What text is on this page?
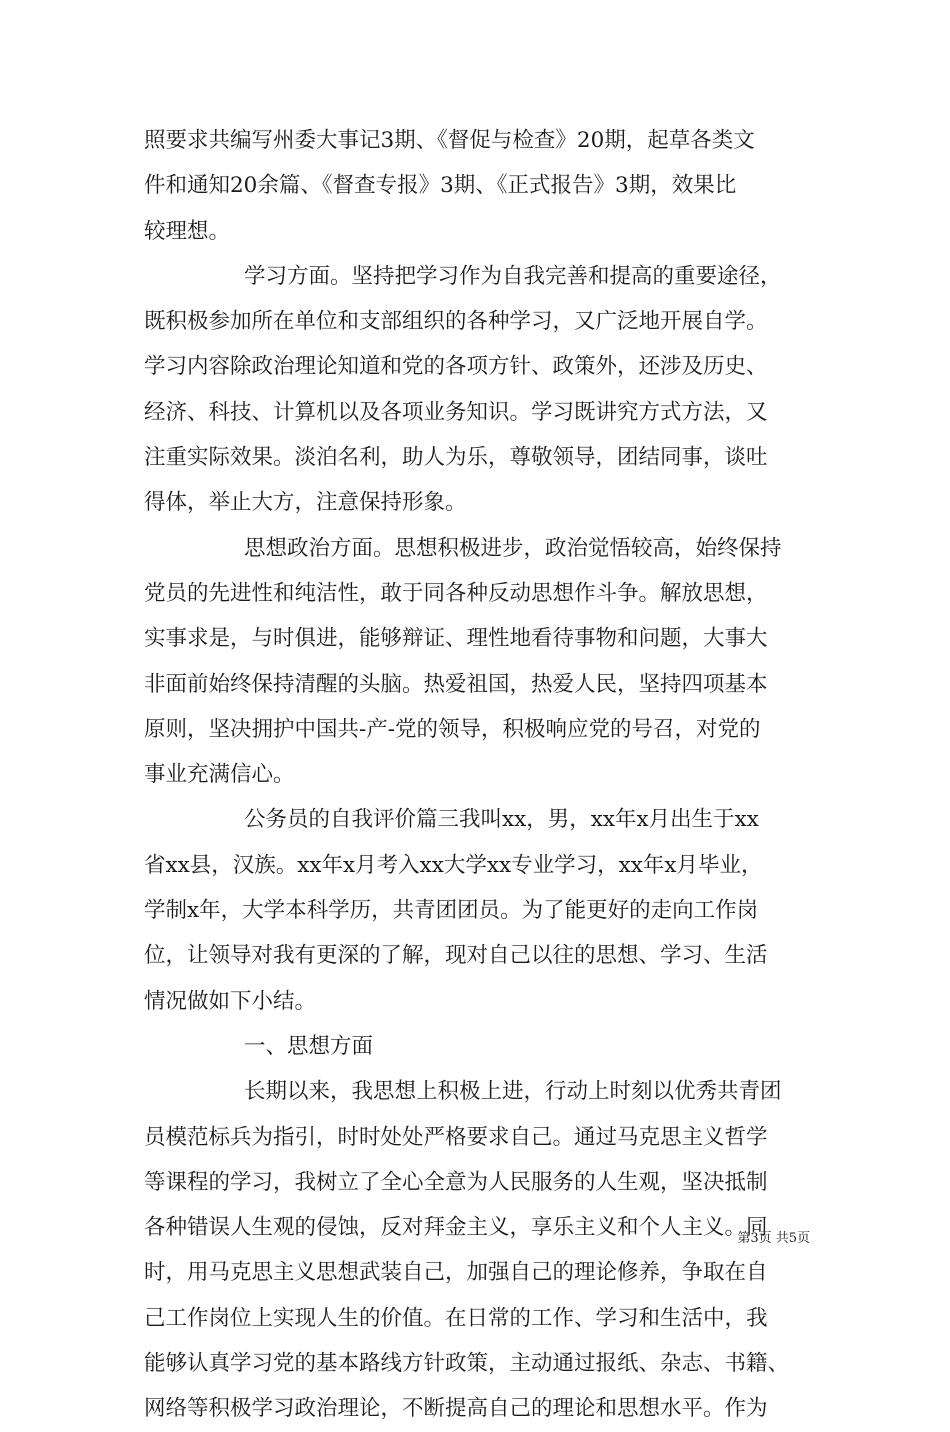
照要求共编写州委大事记3期、《督促与检查》20期，起草各类文
件和通知20余篇、《督查专报》3期、《正式报告》3期，效果比
较理想。
学习方面。坚持把学习作为自我完善和提高的重要途径，
既积极参加所在单位和支部组织的各种学习，又广泛地开展自学。
学习内容除政治理论知道和党的各项方针、政策外，还涉及历史、
经济、科技、计算机以及各项业务知识。学习既讲究方式方法，又
注重实际效果。淡泊名利，助人为乐，尊敬领导，团结同事，谈吐
得体，举止大方，注意保持形象。
思想政治方面。思想积极进步，政治觉悟较高，始终保持
党员的先进性和纯洁性，敢于同各种反动思想作斗争。解放思想，
实事求是，与时俱进，能够辩证、理性地看待事物和问题，大事大
非面前始终保持清醒的头脑。热爱祖国，热爱人民，坚持四项基本
原则，坚决拥护中国共-产-党的领导，积极响应党的号召，对党的
事业充满信心。
公务员的自我评价篇三我叫xx，男，xx年x月出生于xx
省xx县，汉族。xx年x月考入xx大学xx专业学习，xx年x月毕业，
学制x年，大学本科学历，共青团团员。为了能更好的走向工作岗
位，让领导对我有更深的了解，现对自己以往的思想、学习、生活
情况做如下小结。
一、思想方面
长期以来，我思想上积极上进，行动上时刻以优秀共青团
员模范标兵为指引，时时处处严格要求自己。通过马克思主义哲学
等课程的学习，我树立了全心全意为人民服务的人生观，坚决抵制
各种错误人生观的侵蚀，反对拜金主义，享乐主义和个人主义。同
时，用马克思主义思想武装自己，加强自己的理论修养，争取在自
己工作岗位上实现人生的价值。在日常的工作、学习和生活中，我
能够认真学习党的基本路线方针政策，主动通过报纸、杂志、书籍、
网络等积极学习政治理论，不断提高自己的理论和思想水平。作为
第3页 共5页
